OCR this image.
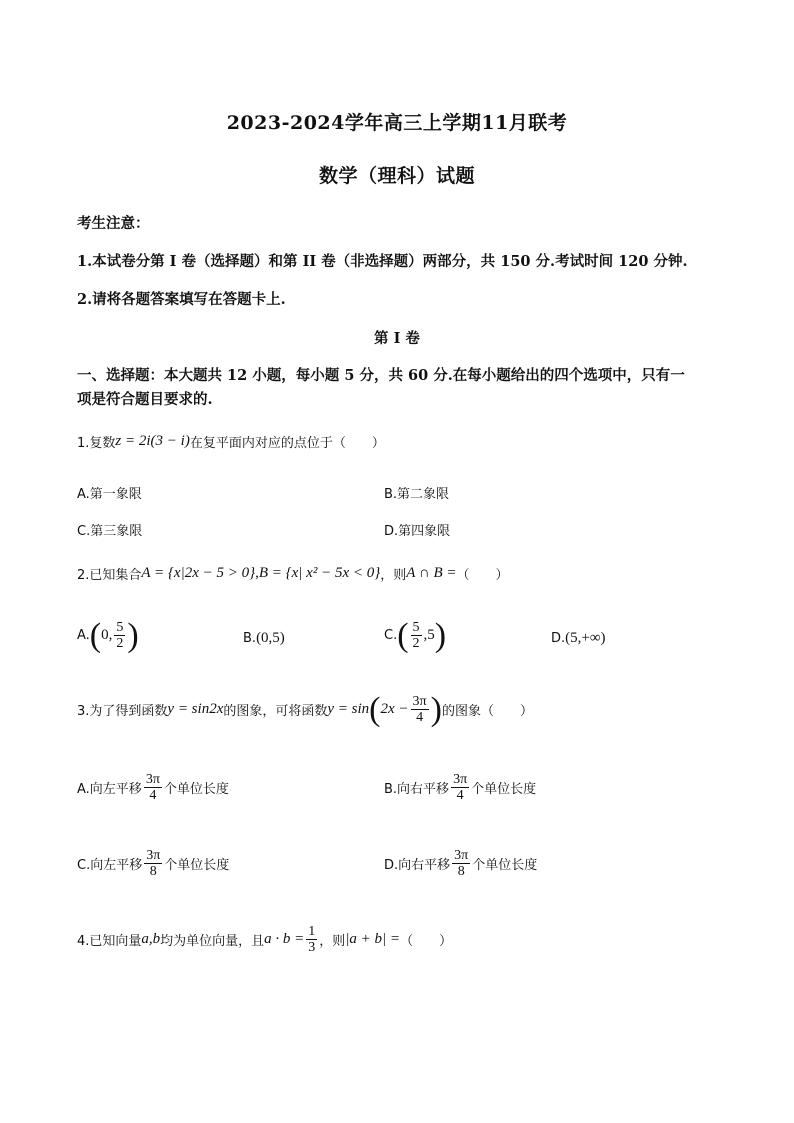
2023-2024学年高三上学期11月联考
数学（理科）试题
考生注意：
1.本试卷分第 I 卷（选择题）和第 II 卷（非选择题）两部分，共 150 分.考试时间 120 分钟.
2.请将各题答案填写在答题卡上.
第 I 卷
一、选择题：本大题共 12 小题，每小题 5 分，共 60 分.在每小题给出的四个选项中，只有一
项是符合题目要求的.
1.复数 z = 2i(3 − i) 在复平面内对应的点位于（　　）
A.第一象限	B.第二象限
C.第三象限	D.第四象限
2.已知集合 A = {x|2x − 5 > 0} , B = {x| x² − 5x < 0} ，则 A ∩ B = （　　）
A. ( 0, $\frac{5}{2}$ )	B. (0,5)	C. ( $\frac{5}{2} ,5$ )	D. (5,+∞)
3.为了得到函数 y = sin2x 的图象，可将函数 y = sin ( $2x - \frac{3\pi}{4}$ ) 的图象（　　）
A.向左平移 $\frac{3\pi}{4}$ 个单位长度	B.向右平移 $\frac{3\pi}{4}$ 个单位长度
C.向左平移 $\frac{3\pi}{8}$ 个单位长度	D.向右平移 $\frac{3\pi}{8}$ 个单位长度
4.已知向量 a,b 均为单位向量，且 $a \cdot b = \frac{1}{3}$ ，则 |a + b| = （　　）
